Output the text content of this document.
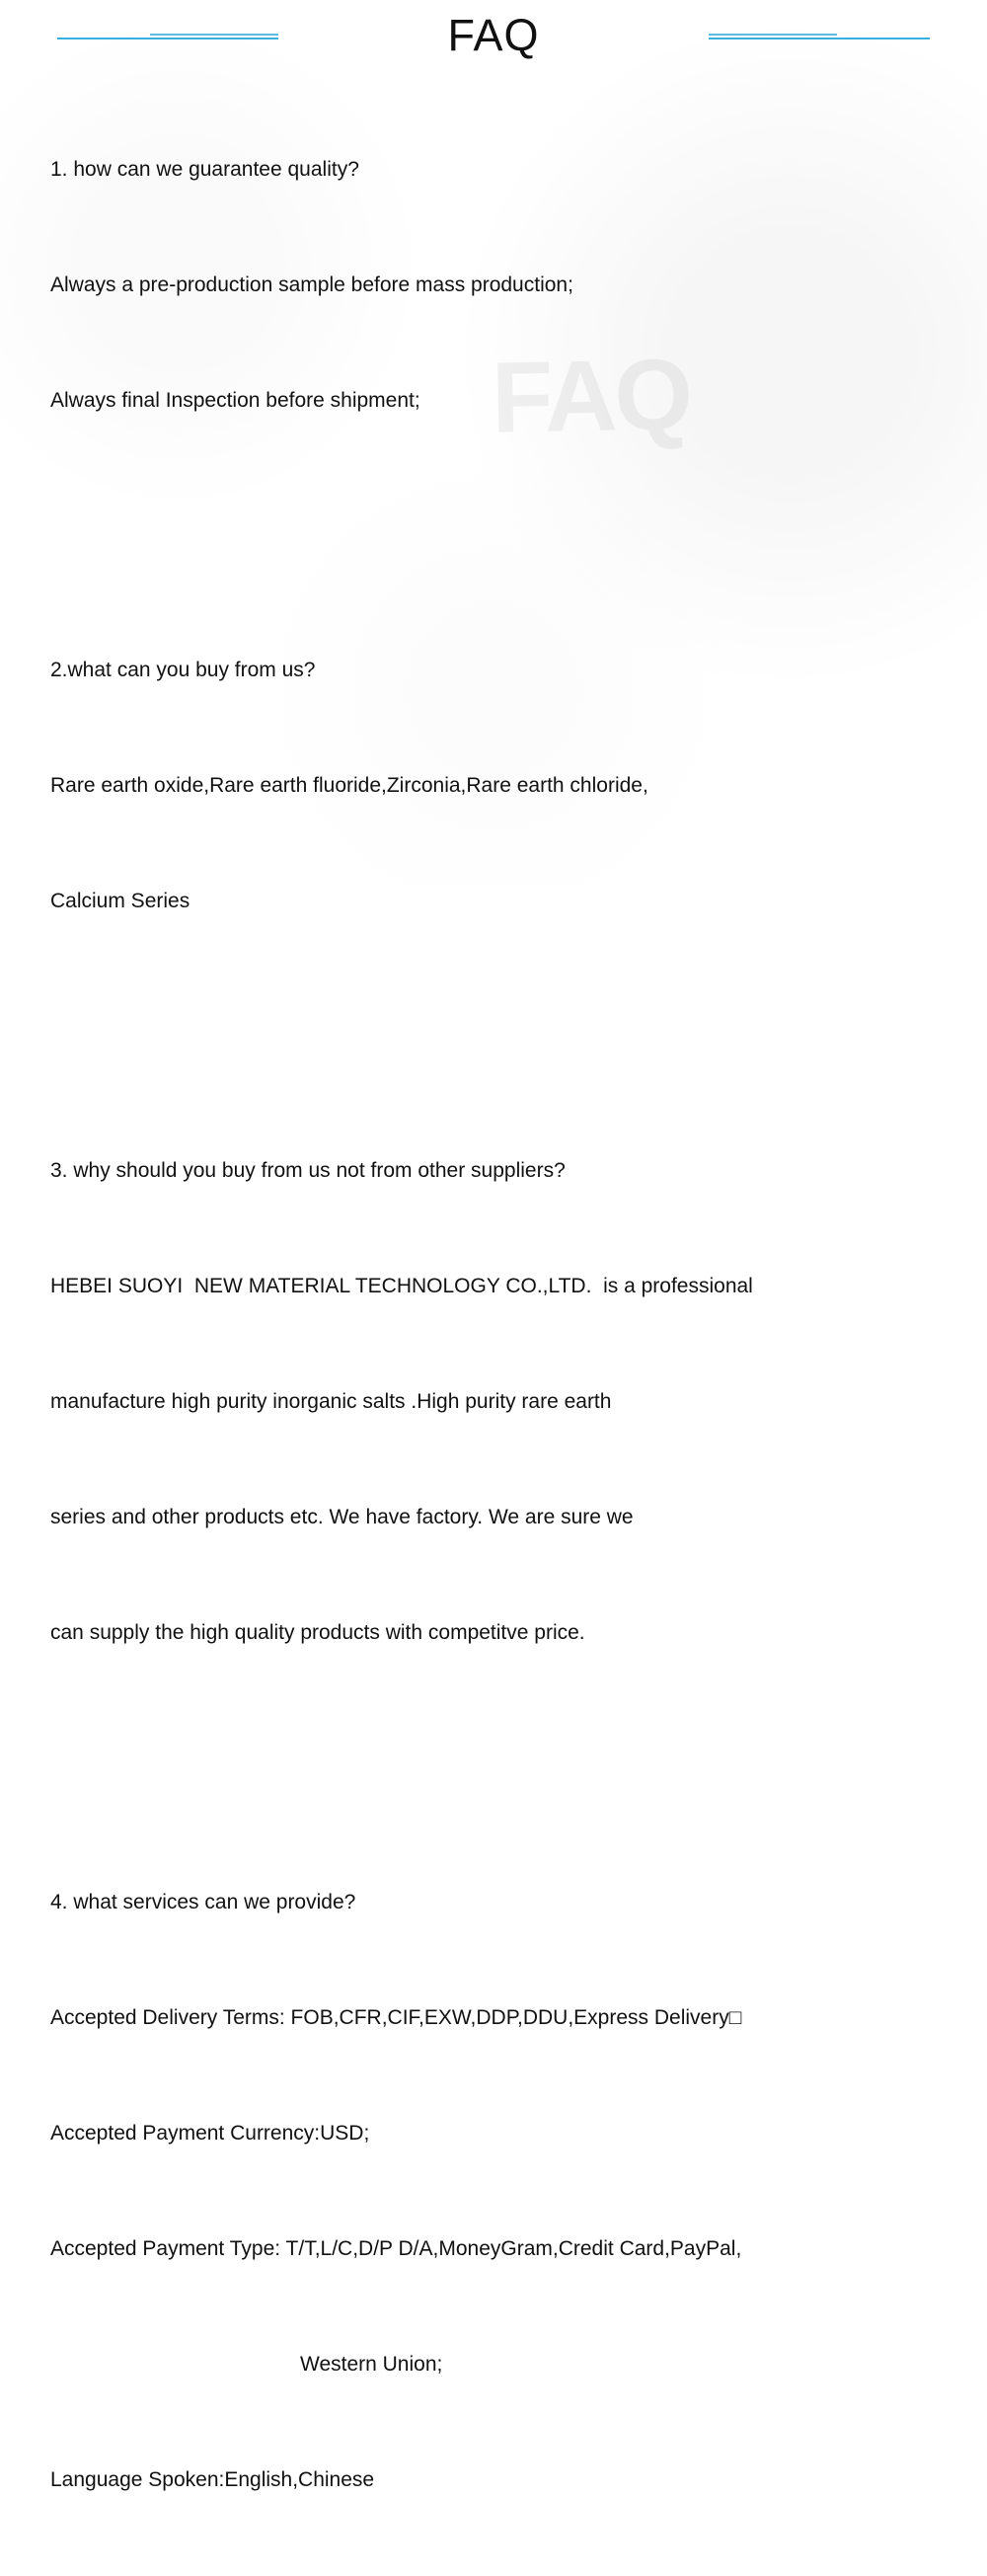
FAQ
FAQ

1. how can we guarantee quality?

Always a pre-production sample before mass production;

Always final Inspection before shipment;

2.what can you buy from us?

Rare earth oxide,Rare earth fluoride,Zirconia,Rare earth chloride,

Calcium Series

3. why should you buy from us not from other suppliers?

HEBEI SUOYI  NEW MATERIAL TECHNOLOGY CO.,LTD.  is a professional

manufacture high purity inorganic salts .High purity rare earth

series and other products etc. We have factory. We are sure we

can supply the high quality products with competitve price.

4. what services can we provide?

Accepted Delivery Terms: FOB,CFR,CIF,EXW,DDP,DDU,Express Delivery□

Accepted Payment Currency:USD;

Accepted Payment Type: T/T,L/C,D/P D/A,MoneyGram,Credit Card,PayPal,

Western Union;

Language Spoken:English,Chinese
